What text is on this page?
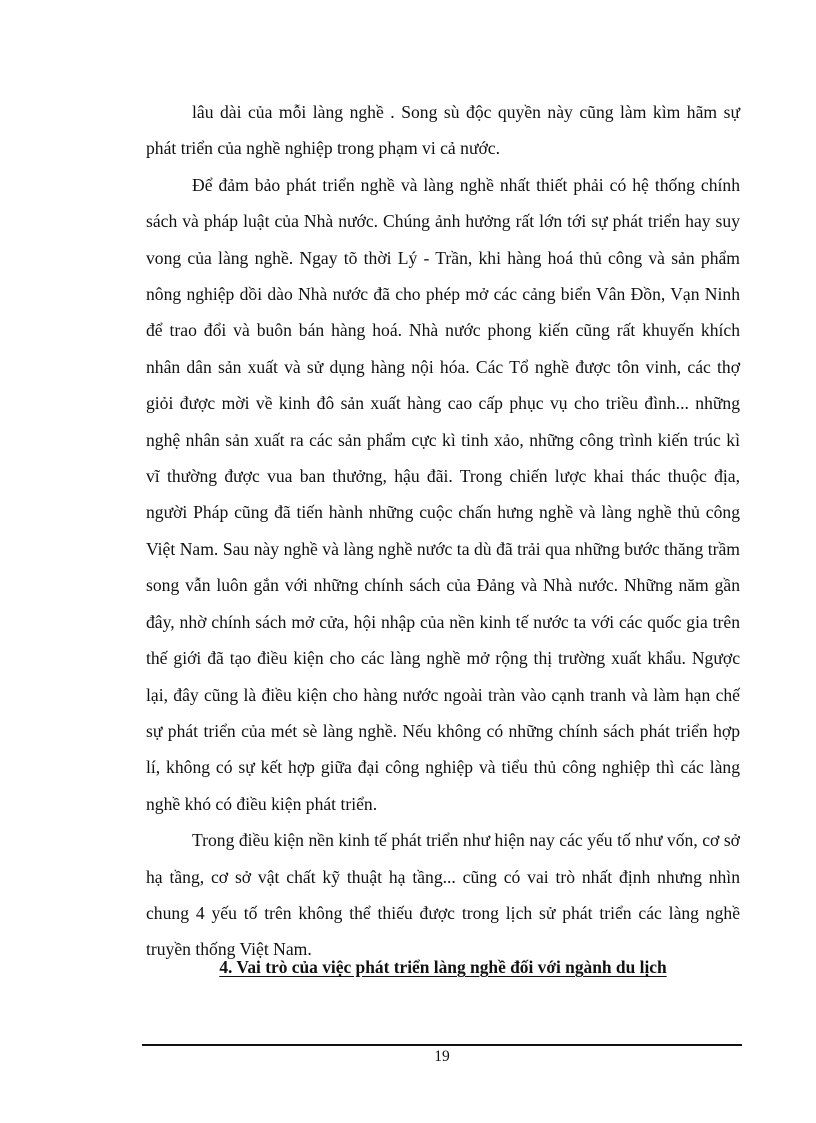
lâu dài của mỗi làng nghề . Song sù độc quyền này cũng làm kìm hãm sự phát triển của nghề nghiệp trong phạm vi cả nước.

Để đảm bảo phát triển nghề và làng nghề nhất thiết phải có hệ thống chính sách và pháp luật của Nhà nước. Chúng ảnh hưởng rất lớn tới sự phát triển hay suy vong của làng nghề. Ngay tõ thời Lý - Trần, khi hàng hoá thủ công và sản phẩm nông nghiệp dồi dào Nhà nước đã cho phép mở các cảng biển Vân Đồn, Vạn Ninh để trao đổi và buôn bán hàng hoá. Nhà nước phong kiến cũng rất khuyến khích nhân dân sản xuất và sử dụng hàng nội hóa. Các Tổ nghề được tôn vinh, các thợ giỏi được mời về kinh đô sản xuất hàng cao cấp phục vụ cho triều đình... những nghệ nhân sản xuất ra các sản phẩm cực kì tinh xảo, những công trình kiến trúc kì vĩ thường được vua ban thưởng, hậu đãi. Trong chiến lược khai thác thuộc địa, người Pháp cũng đã tiến hành những cuộc chấn hưng nghề và làng nghề thủ công Việt Nam. Sau này nghề và làng nghề nước ta dù đã trải qua những bước thăng trầm song vẫn luôn gắn với những chính sách của Đảng và Nhà nước. Những năm gần đây, nhờ chính sách mở cửa, hội nhập của nền kinh tế nước ta với các quốc gia trên thế giới đã tạo điều kiện cho các làng nghề mở rộng thị trường xuất khẩu. Ngược lại, đây cũng là điều kiện cho hàng nước ngoài tràn vào cạnh tranh và làm hạn chế sự phát triển của mét sè làng nghề. Nếu không có những chính sách phát triển hợp lí, không có sự kết hợp giữa đại công nghiệp và tiểu thủ công nghiệp thì các làng nghề khó có điều kiện phát triển.

Trong điều kiện nền kinh tế phát triển như hiện nay các yếu tố như vốn, cơ sở hạ tầng, cơ sở vật chất kỹ thuật hạ tầng... cũng có vai trò nhất định nhưng nhìn chung 4 yếu tố trên không thể thiếu được trong lịch sử phát triển các làng nghề truyền thống Việt Nam.

4. Vai trò của việc phát triển làng nghề đối với ngành du lịch
19
